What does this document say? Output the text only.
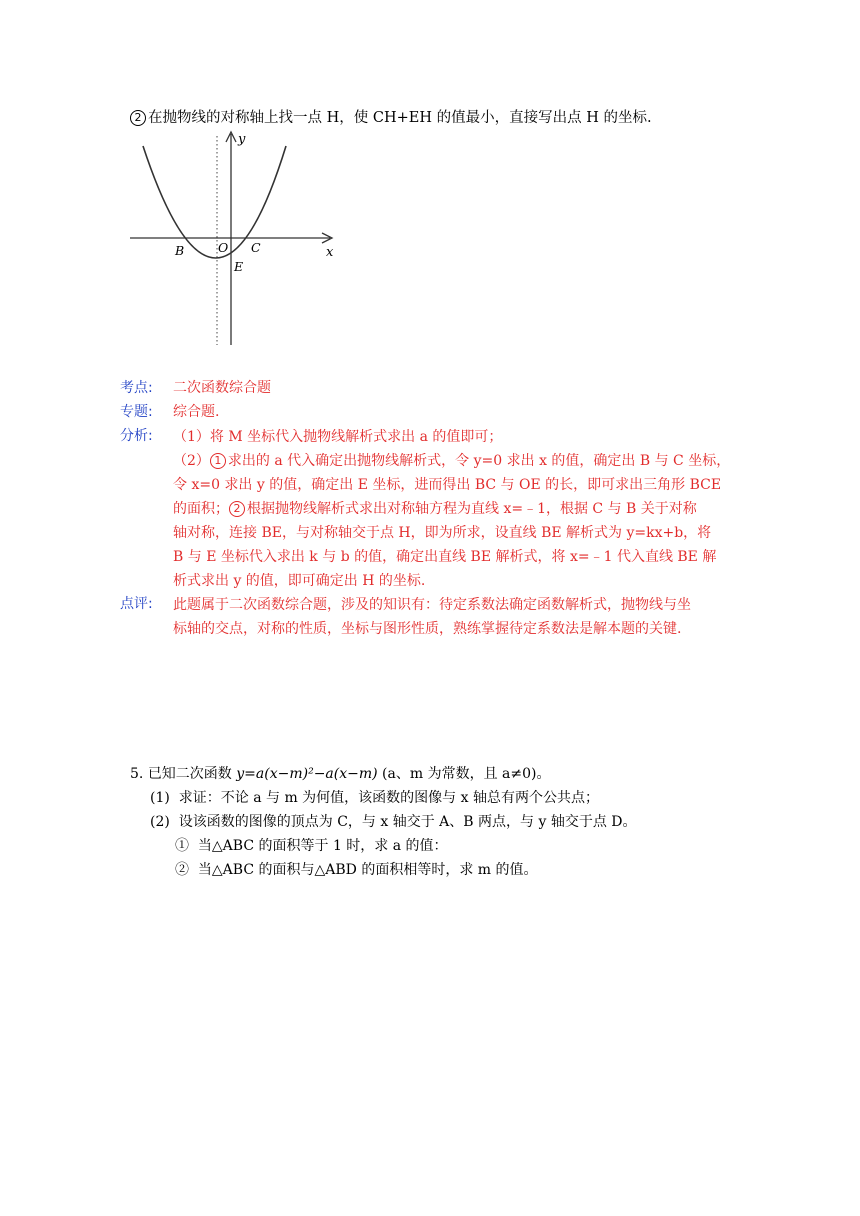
2 在抛物线的对称轴上找一点 H，使 CH+EH 的值最小，直接写出点 H 的坐标.
y
x
B	O C
E
考点: 二次函数综合题
专题: 综合题.
分析: （1）将 M 坐标代入抛物线解析式求出 a 的值即可；
（2） 1 求出的 a 代入确定出抛物线解析式，令 y=0 求出 x 的值，确定出 B 与 C 坐标，
令 x=0 求出 y 的值，确定出 E 坐标，进而得出 BC 与 OE 的长，即可求出三角形 BCE
的面积； 2 根据抛物线解析式求出对称轴方程为直线 x=﹣1，根据 C 与 B 关于对称
轴对称，连接 BE，与对称轴交于点 H，即为所求，设直线 BE 解析式为 y=kx+b，将
B 与 E 坐标代入求出 k 与 b 的值，确定出直线 BE 解析式，将 x=﹣1 代入直线 BE 解
析式求出 y 的值，即可确定出 H 的坐标.
点评: 此题属于二次函数综合题，涉及的知识有：待定系数法确定函数解析式，抛物线与坐
标轴的交点，对称的性质，坐标与图形性质，熟练掌握待定系数法是解本题的关键.
5. 已知二次函数 y=a(x−m)²−a(x−m) (a、m 为常数，且 a≠0)。
(1) 求证：不论 a 与 m 为何值，该函数的图像与 x 轴总有两个公共点；
(2) 设该函数的图像的顶点为 C，与 x 轴交于 A、B 两点，与 y 轴交于点 D。
① 当△ABC 的面积等于 1 时，求 a 的值：
② 当△ABC 的面积与△ABD 的面积相等时，求 m 的值。
